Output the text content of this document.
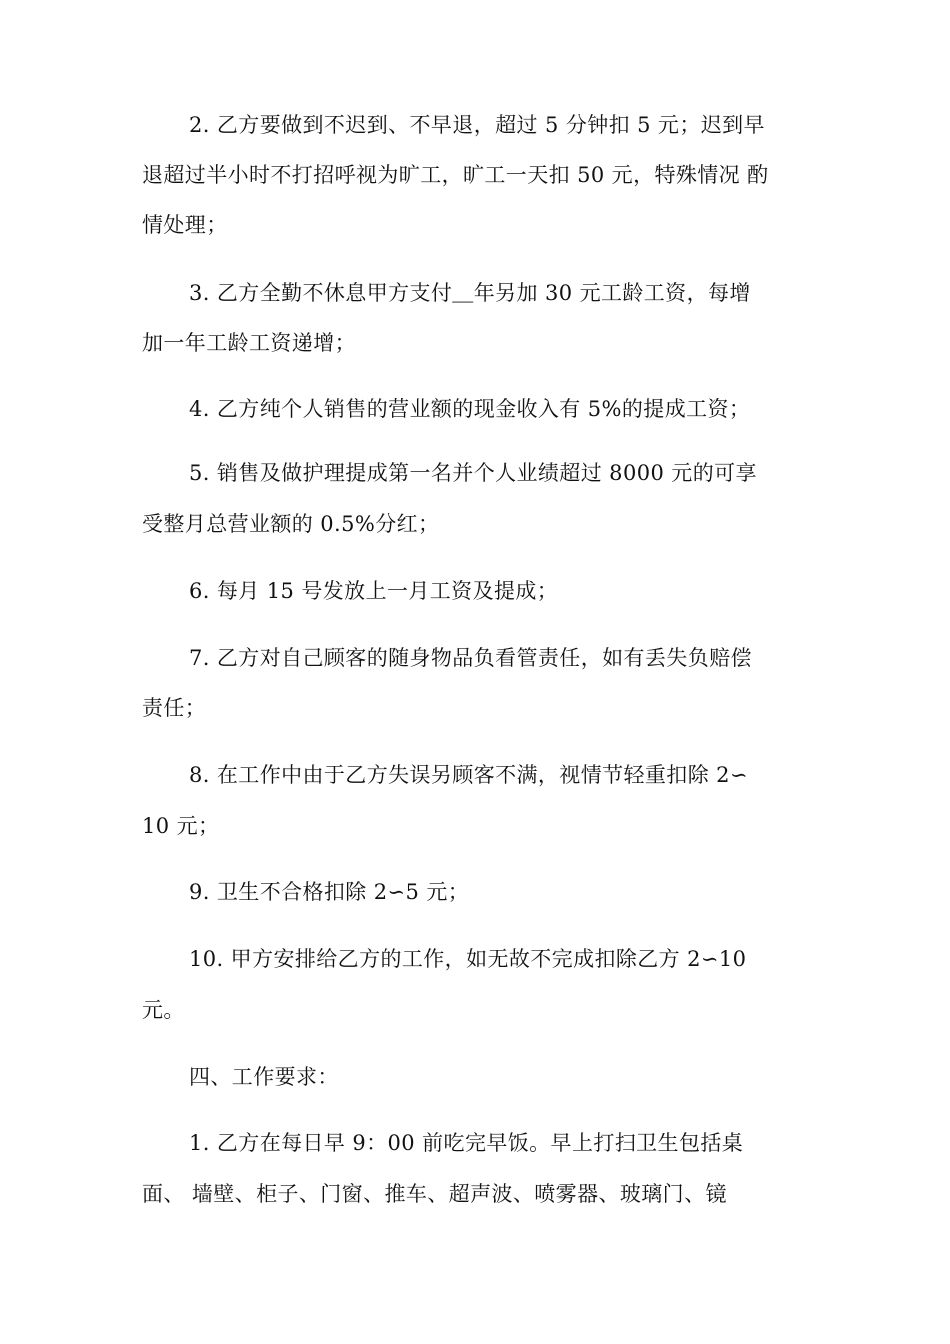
2. 乙方要做到不迟到、不早退，超过 5 分钟扣 5 元；迟到早
退超过半小时不打招呼视为旷工，旷工一天扣 50 元，特殊情况 酌
情处理；
3. 乙方全勤不休息甲方支付＿年另加 30 元工龄工资，每增
加一年工龄工资递增；
4. 乙方纯个人销售的营业额的现金收入有 5%的提成工资；
5. 销售及做护理提成第一名并个人业绩超过 8000 元的可享
受整月总营业额的 0.5%分红；
6. 每月 15 号发放上一月工资及提成；
7. 乙方对自己顾客的随身物品负看管责任，如有丢失负赔偿
责任；
8. 在工作中由于乙方失误另顾客不满，视情节轻重扣除 2∽
10 元；
9. 卫生不合格扣除 2∽5 元；
10. 甲方安排给乙方的工作，如无故不完成扣除乙方 2∽10
元。
四、工作要求：
1. 乙方在每日早 9：00 前吃完早饭。早上打扫卫生包括桌
面、 墙壁、柜子、门窗、推车、超声波、喷雾器、玻璃门、镜
